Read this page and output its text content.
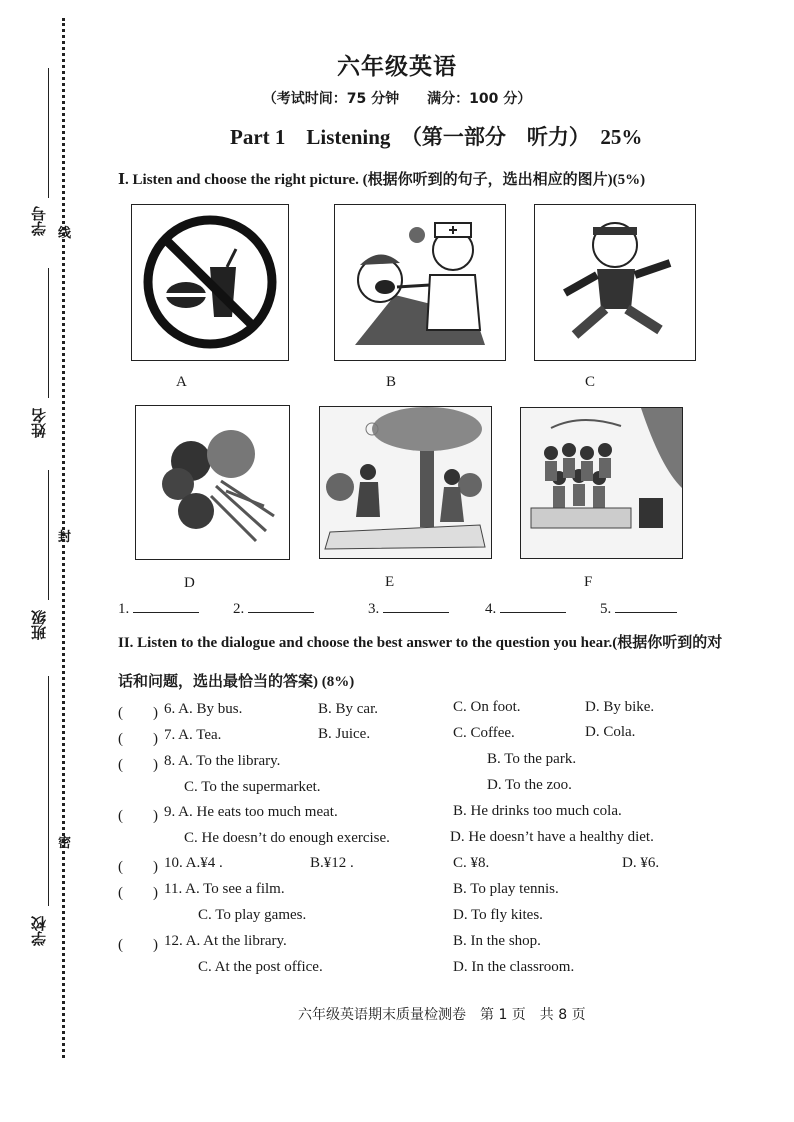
学号
姓名
班级
学校
线
封
密
六年级英语
（考试时间：75 分钟　　满分：100 分）
Part 1　Listening　（第一部分　听力）　25%
Ⅰ. Listen and choose the right picture. (根据你听到的句子，选出相应的图片)(5%)
A	B	C
D	E	F
1.	2.	3.	4.	5.
II. Listen to the dialogue and choose the best answer to the question you hear.(根据你听到的对
话和问题，选出最恰当的答案) (8%)
(　　) 6. A. By bus.	B. By car.	C. On foot.	D. By bike.
(　　) 7. A. Tea.	B. Juice.	C. Coffee.	D. Cola.
(　　) 8. A. To the library.	B. To the park.
C. To the supermarket.	D. To the zoo.
(　　) 9. A. He eats too much meat.	B. He drinks too much cola.
C. He doesn’t do enough exercise.	D. He doesn’t have a healthy diet.
(　　) 10. A.¥4 .	B.¥12 .	C. ¥8.	D. ¥6.
(　　) 11. A. To see a film.	B. To play tennis.
C. To play games.	D. To fly kites.
(　　) 12. A. At the library.	B. In the shop.
C. At the post office.	D. In the classroom.
六年级英语期末质量检测卷　第 1 页　共 8 页
